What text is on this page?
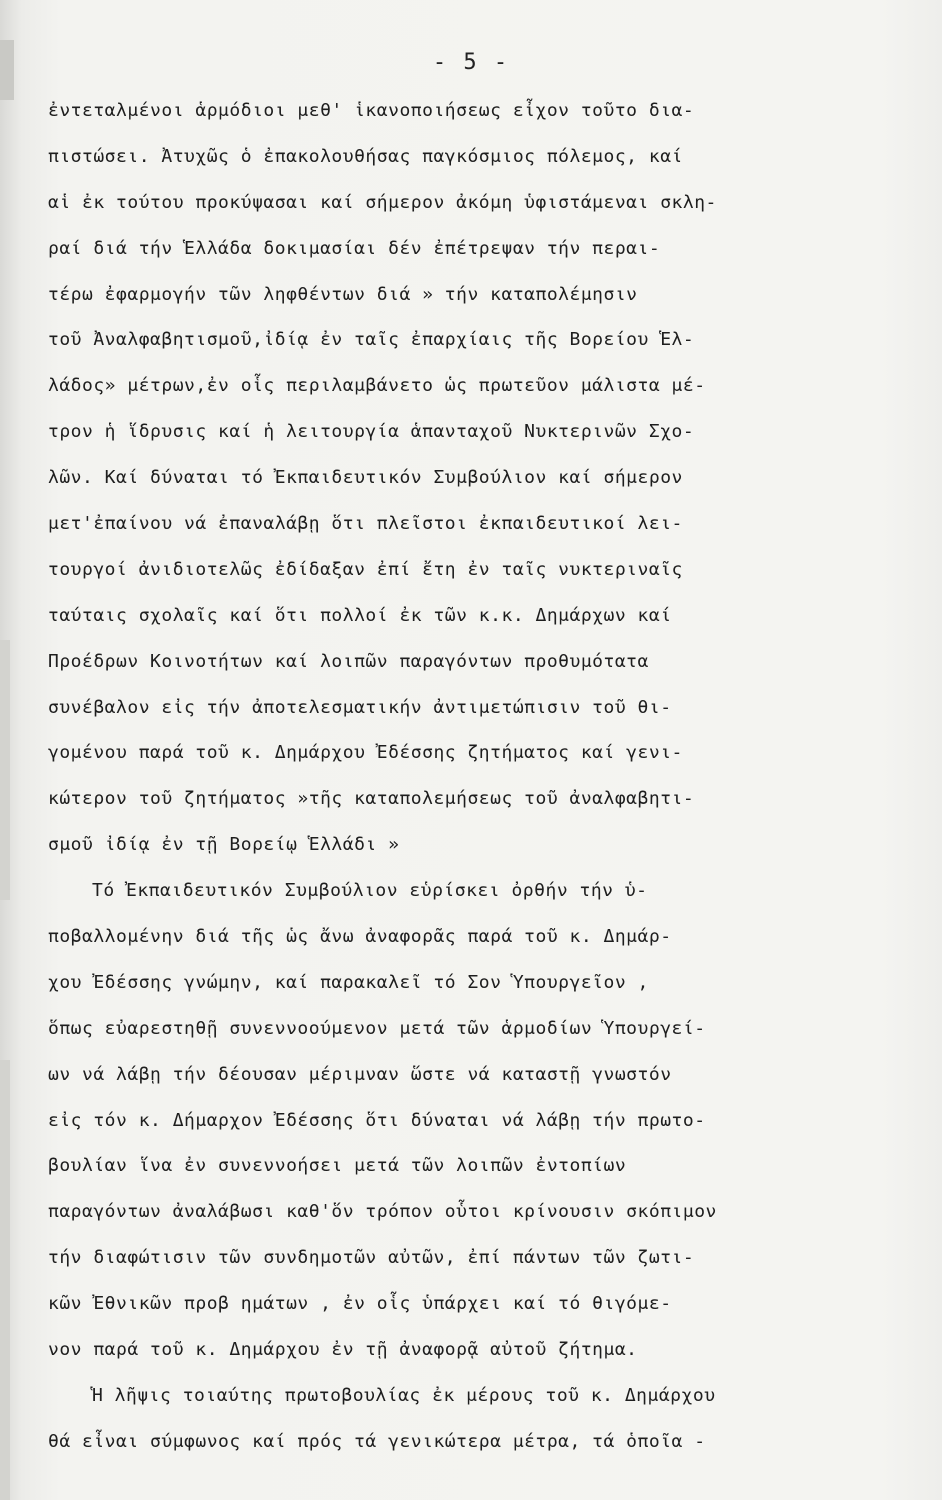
- 5 -
ἐντεταλμένοι ἁρμόδιοι μεθ' ἱκανοποιήσεως εἶχον τοῦτο δια-
πιστώσει. Ἀτυχῶς ὁ ἐπακολουθήσας παγκόσμιος πόλεμος, καί
αἱ ἐκ τούτου προκύψασαι καί σήμερον ἀκόμη ὑφιστάμεναι σκλη-
ραί διά τήν Ἑλλάδα δοκιμασίαι δέν ἐπέτρεψαν τήν περαι-
τέρω ἐφαρμογήν τῶν ληφθέντων διά » τήν καταπολέμησιν
τοῦ Ἀναλφαβητισμοῦ,ἰδίᾳ ἐν ταῖς ἐπαρχίαις τῆς Βορείου Ἑλ-
λάδος» μέτρων,ἐν οἷς περιλαμβάνετο ὡς πρωτεῦον μάλιστα μέ-
τρον ἡ ἵδρυσις καί ἡ λειτουργία ἁπανταχοῦ Νυκτερινῶν Σχο-
λῶν. Καί δύναται τό Ἐκπαιδευτικόν Συμβούλιον καί σήμερον
μετ'ἐπαίνου νά ἐπαναλάβῃ ὅτι πλεῖστοι ἐκπαιδευτικοί λει-
τουργοί ἀνιδιοτελῶς ἐδίδαξαν ἐπί ἔτη ἐν ταῖς νυκτεριναῖς
ταύταις σχολαῖς καί ὅτι πολλοί ἐκ τῶν κ.κ. Δημάρχων καί
Προέδρων Κοινοτήτων καί λοιπῶν παραγόντων προθυμότατα
συνέβαλον εἰς τήν ἀποτελεσματικήν ἀντιμετώπισιν τοῦ θι-
γομένου παρά τοῦ κ. Δημάρχου Ἐδέσσης ζητήματος καί γενι-
κώτερον τοῦ ζητήματος »τῆς καταπολεμήσεως τοῦ ἀναλφαβητι-
σμοῦ ἰδίᾳ ἐν τῇ Βορείῳ Ἑλλάδι »
Τό Ἐκπαιδευτικόν Συμβούλιον εὑρίσκει ὀρθήν τήν ὑ-
ποβαλλομένην διά τῆς ὡς ἄνω ἀναφορᾶς παρά τοῦ κ. Δημάρ-
χου Ἐδέσσης γνώμην, καί παρακαλεῖ τό Σον Ὑπουργεῖον ,
ὅπως εὐαρεστηθῇ συνεννοούμενον μετά τῶν ἁρμοδίων Ὑπουργεί-
ων νά λάβῃ τήν δέουσαν μέριμναν ὥστε νά καταστῇ γνωστόν
εἰς τόν κ. Δήμαρχον Ἐδέσσης ὅτι δύναται νά λάβῃ τήν πρωτο-
βουλίαν ἵνα ἐν συνεννοήσει μετά τῶν λοιπῶν ἐντοπίων
παραγόντων ἀναλάβωσι καθ'ὅν τρόπον οὗτοι κρίνουσιν σκόπιμον
τήν διαφώτισιν τῶν συνδημοτῶν αὐτῶν, ἐπί πάντων τῶν ζωτι-
κῶν Ἐθνικῶν προβ ημάτων , ἐν οἷς ὑπάρχει καί τό θιγόμε-
νον παρά τοῦ κ. Δημάρχου ἐν τῇ ἀναφορᾷ αὐτοῦ ζήτημα.
Ἡ λῆψις τοιαύτης πρωτοβουλίας ἐκ μέρους τοῦ κ. Δημάρχου
θά εἶναι σύμφωνος καί πρός τά γενικώτερα μέτρα, τά ὁποῖα -
